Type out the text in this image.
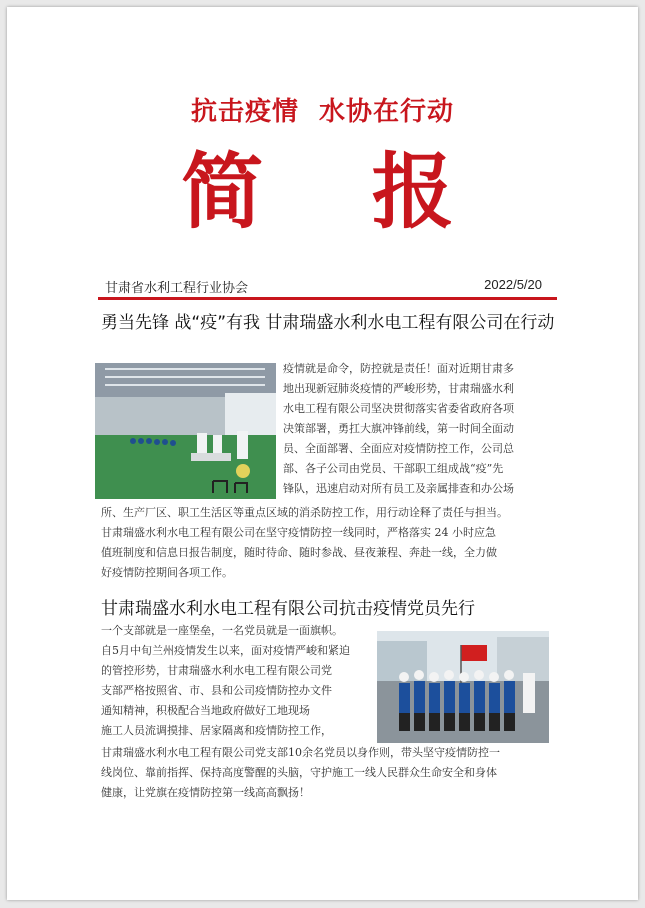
抗击疫情  水协在行动
简 报
甘肃省水利工程行业协会	2022/5/20
勇当先锋 战“疫”有我 甘肃瑞盛水利水电工程有限公司在行动
疫情就是命令，防控就是责任！面对近期甘肃多
地出现新冠肺炎疫情的严峻形势，甘肃瑞盛水利
水电工程有限公司坚决贯彻落实省委省政府各项
决策部署，勇扛大旗冲锋前线，第一时间全面动
员、全面部署、全面应对疫情防控工作，公司总
部、各子公司由党员、干部职工组成战“疫”先
锋队，迅速启动对所有员工及亲属排查和办公场
所、生产厂区、职工生活区等重点区域的消杀防控工作，用行动诠释了责任与担当。
甘肃瑞盛水利水电工程有限公司在坚守疫情防控一线同时，严格落实 24 小时应急
值班制度和信息日报告制度，随时待命、随时参战、昼夜兼程、奔赴一线，全力做
好疫情防控期间各项工作。
甘肃瑞盛水利水电工程有限公司抗击疫情党员先行
一个支部就是一座堡垒，一名党员就是一面旗帜。
自5月中旬兰州疫情发生以来，面对疫情严峻和紧迫
的管控形势，甘肃瑞盛水利水电工程有限公司党
支部严格按照省、市、县和公司疫情防控办文件
通知精神，积极配合当地政府做好工地现场
施工人员流调摸排、居家隔离和疫情防控工作，
甘肃瑞盛水利水电工程有限公司党支部10余名党员以身作则，带头坚守疫情防控一
线岗位、靠前指挥、保持高度警醒的头脑，守护施工一线人民群众生命安全和身体
健康，让党旗在疫情防控第一线高高飘扬！
